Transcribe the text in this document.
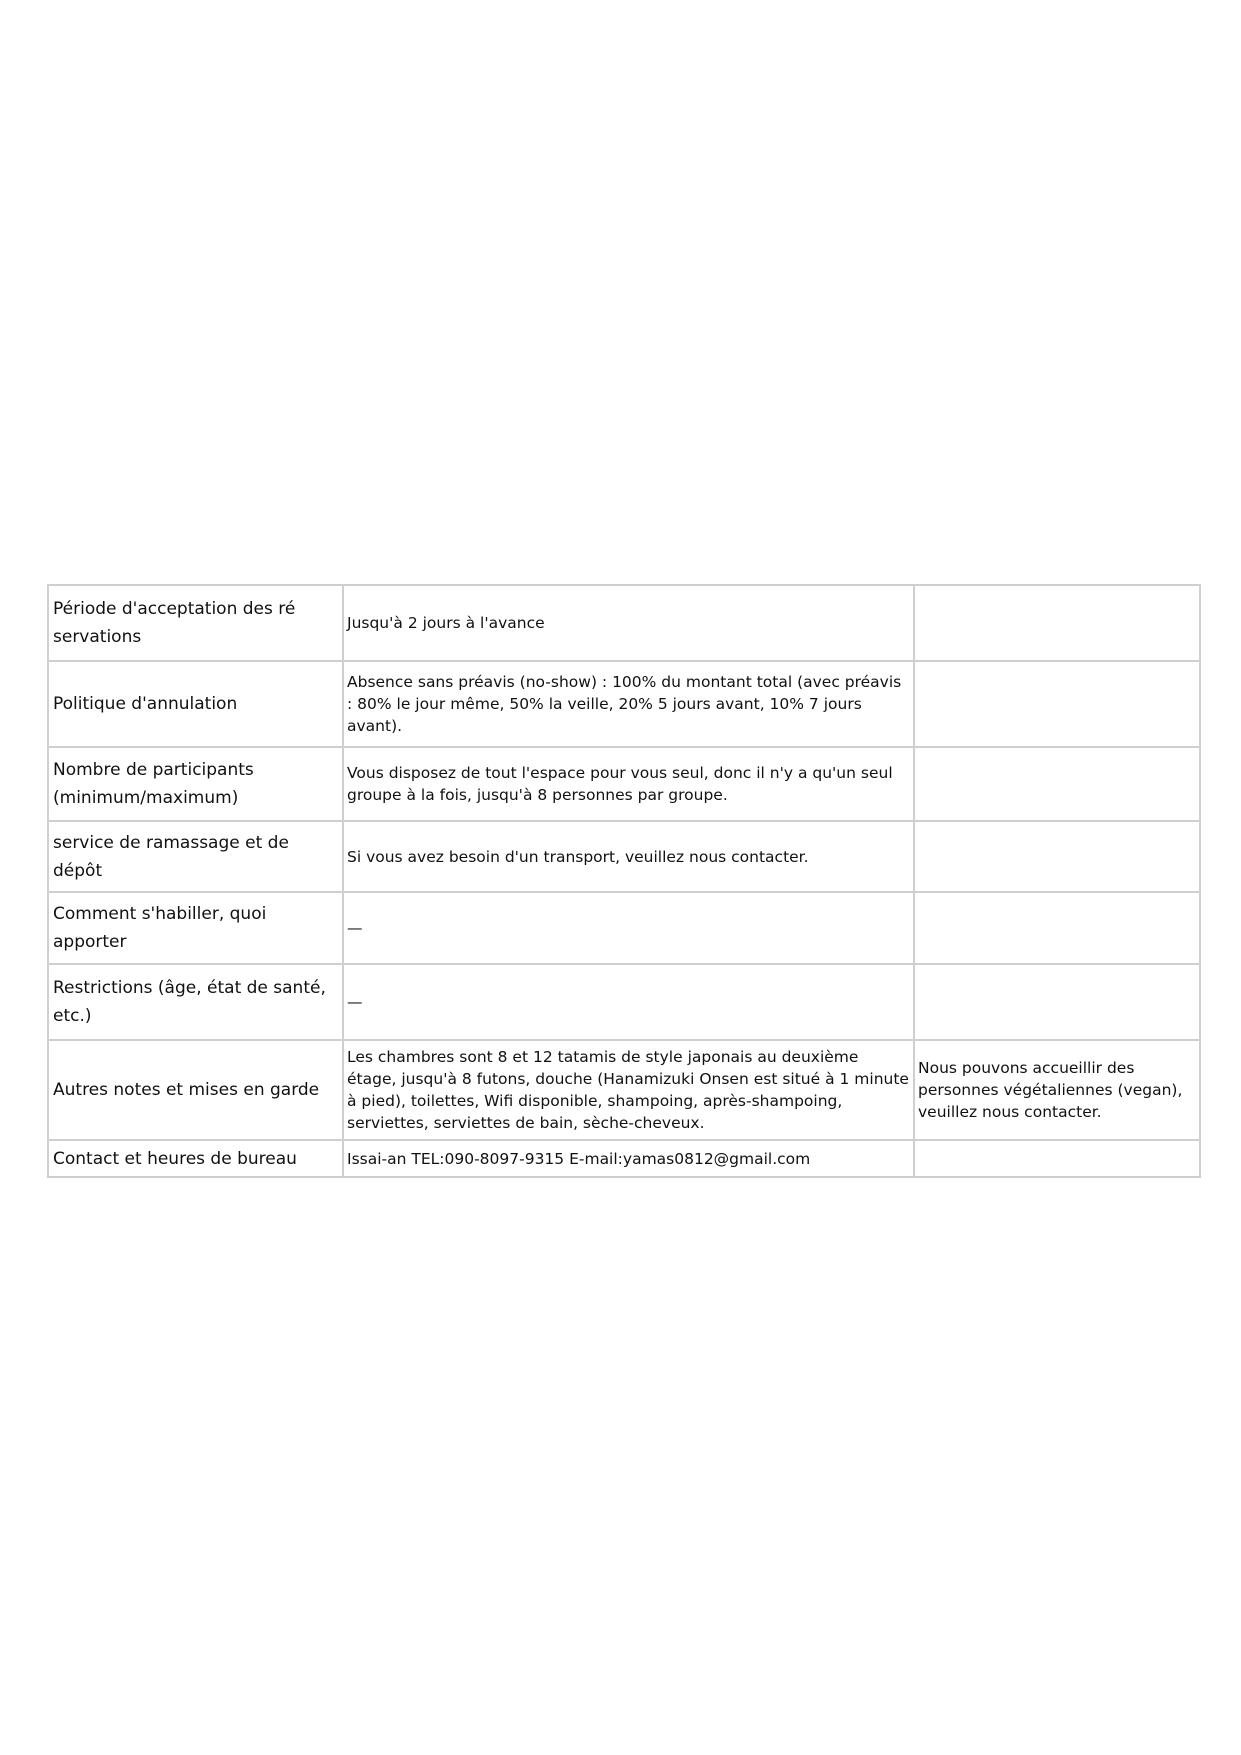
Période d'acceptation des ré servations	Jusqu'à 2 jours à l'avance	
Politique d'annulation	Absence sans préavis (no-show) : 100% du montant total (avec préavis : 80% le jour même, 50% la veille, 20% 5 jours avant, 10% 7 jours avant).	
Nombre de participants (minimum/maximum)	Vous disposez de tout l'espace pour vous seul, donc il n'y a qu'un seul groupe à la fois, jusqu'à 8 personnes par groupe.	
service de ramassage et de dépôt	Si vous avez besoin d'un transport, veuillez nous contacter.	
Comment s'habiller, quoi apporter	—	
Restrictions (âge, état de santé, etc.)	—	
Autres notes et mises en garde	Les chambres sont 8 et 12 tatamis de style japonais au deuxième étage, jusqu'à 8 futons, douche (Hanamizuki Onsen est situé à 1 minute à pied), toilettes, Wifi disponible, shampoing, après-shampoing, serviettes, serviettes de bain, sèche-cheveux.	Nous pouvons accueillir des personnes végétaliennes (vegan), veuillez nous contacter.
Contact et heures de bureau	Issai-an TEL:090-8097-9315 E-mail:yamas0812@gmail.com	
